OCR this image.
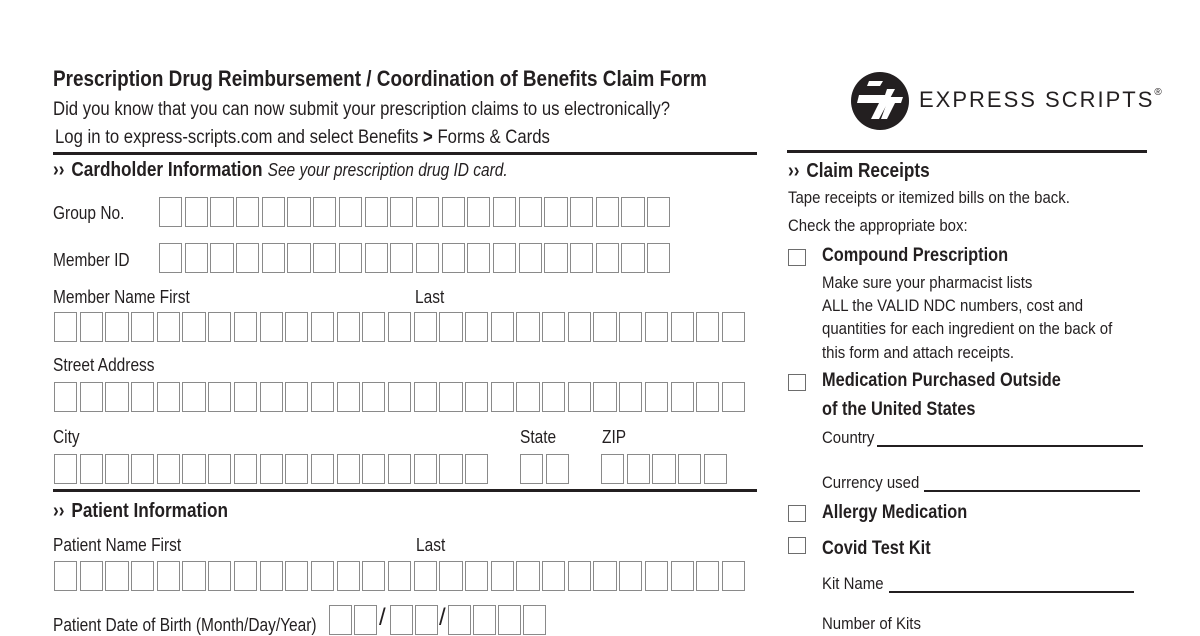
Prescription Drug Reimbursement / Coordination of Benefits Claim Form
Did you know that you can now submit your prescription claims to us electronically?
Log in to express-scripts.com and select Benefits > Forms & Cards
EXPRESS SCRIPTS®
›› Cardholder Information See your prescription drug ID card.
Group No.
Member ID
Member Name First	Last
Street Address
City	State	ZIP
›› Patient Information
Patient Name First	Last
Patient Date of Birth (Month/Day/Year)	/ /
›› Claim Receipts
Tape receipts or itemized bills on the back.
Check the appropriate box:
Compound Prescription
Make sure your pharmacist lists
ALL the VALID NDC numbers, cost and
quantities for each ingredient on the back of
this form and attach receipts.
Medication Purchased Outside
of the United States
Country
Currency used
Allergy Medication
Covid Test Kit
Kit Name
Number of Kits
